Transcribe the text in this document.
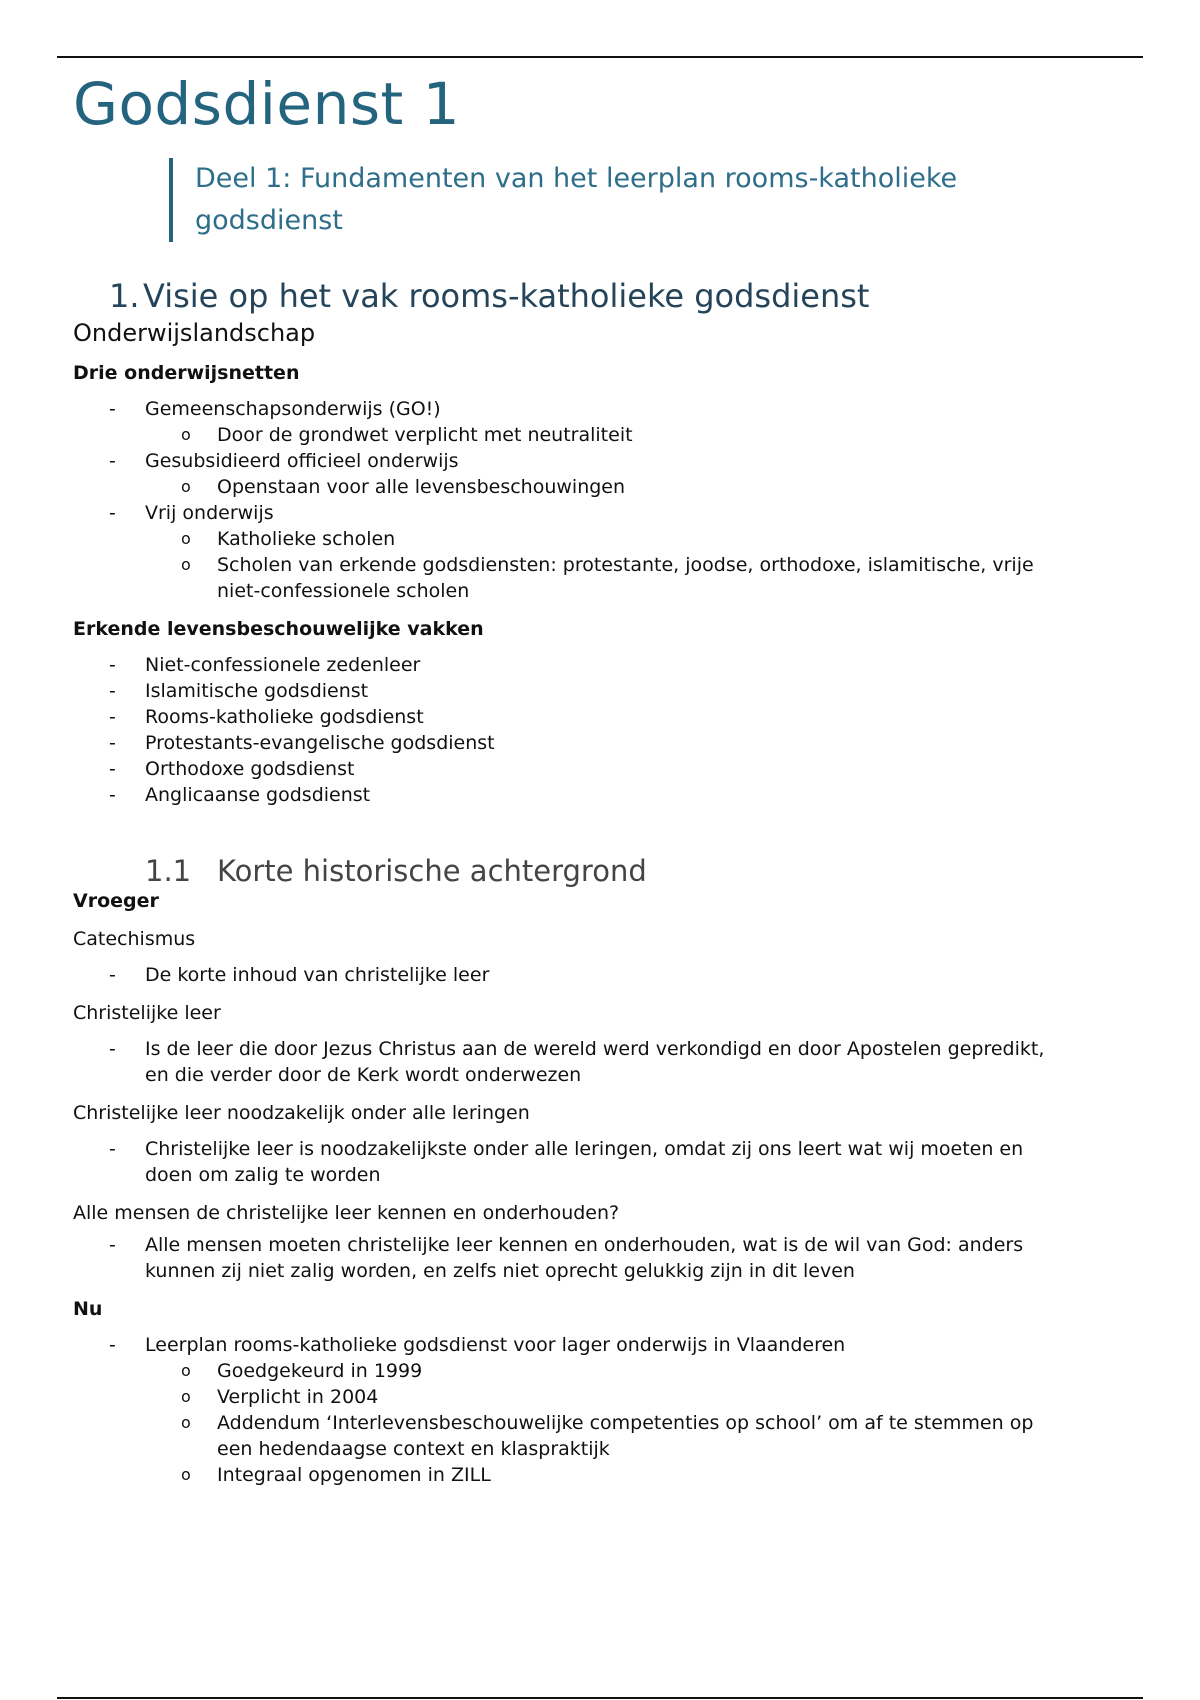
Godsdienst 1
Deel 1: Fundamenten van het leerplan rooms-katholieke
godsdienst
1. Visie op het vak rooms-katholieke godsdienst
Onderwijslandschap
Drie onderwijsnetten
- Gemeenschapsonderwijs (GO!)
o Door de grondwet verplicht met neutraliteit
- Gesubsidieerd officieel onderwijs
o Openstaan voor alle levensbeschouwingen
- Vrij onderwijs
o Katholieke scholen
o Scholen van erkende godsdiensten: protestante, joodse, orthodoxe, islamitische, vrije
niet-confessionele scholen
Erkende levensbeschouwelijke vakken
- Niet-confessionele zedenleer
- Islamitische godsdienst
- Rooms-katholieke godsdienst
- Protestants-evangelische godsdienst
- Orthodoxe godsdienst
- Anglicaanse godsdienst
1.1 Korte historische achtergrond
Vroeger
Catechismus
- De korte inhoud van christelijke leer
Christelijke leer
- Is de leer die door Jezus Christus aan de wereld werd verkondigd en door Apostelen gepredikt,
en die verder door de Kerk wordt onderwezen
Christelijke leer noodzakelijk onder alle leringen
- Christelijke leer is noodzakelijkste onder alle leringen, omdat zij ons leert wat wij moeten en
doen om zalig te worden
Alle mensen de christelijke leer kennen en onderhouden?
- Alle mensen moeten christelijke leer kennen en onderhouden, wat is de wil van God: anders
kunnen zij niet zalig worden, en zelfs niet oprecht gelukkig zijn in dit leven
Nu
- Leerplan rooms-katholieke godsdienst voor lager onderwijs in Vlaanderen
o Goedgekeurd in 1999
o Verplicht in 2004
o Addendum ‘Interlevensbeschouwelijke competenties op school’ om af te stemmen op
een hedendaagse context en klaspraktijk
o Integraal opgenomen in ZILL
